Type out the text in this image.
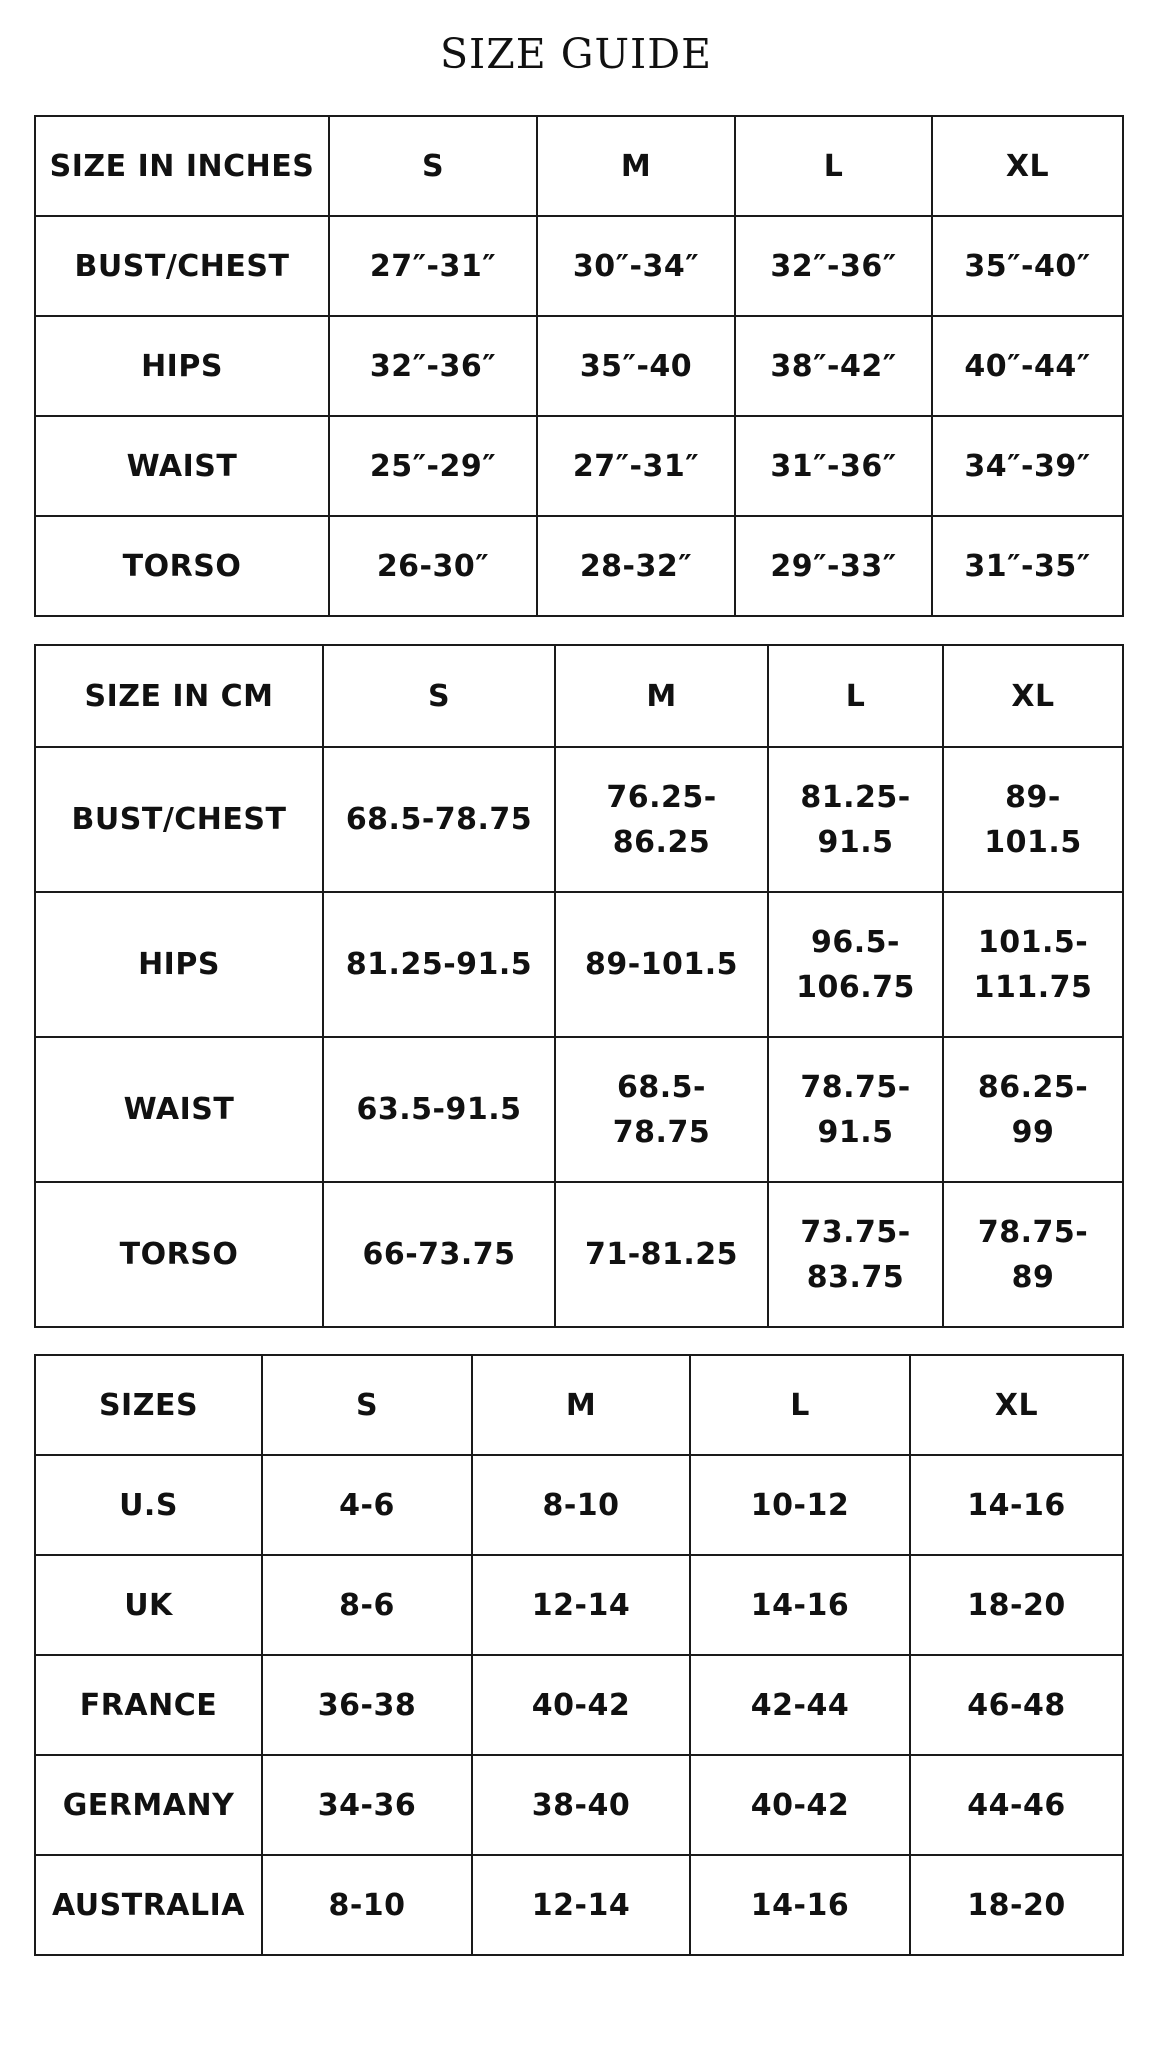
SIZE GUIDE
SIZE IN INCHES	S	M	L	XL
BUST/CHEST	27″-31″	30″-34″	32″-36″	35″-40″
HIPS	32″-36″	35″-40	38″-42″	40″-44″
WAIST	25″-29″	27″-31″	31″-36″	34″-39″
TORSO	26-30″	28-32″	29″-33″	31″-35″
SIZE IN CM	S	M	L	XL
BUST/CHEST	68.5-78.75	76.25-86.25	81.25-91.5	89-101.5
HIPS	81.25-91.5	89-101.5	96.5-106.75	101.5-111.75
WAIST	63.5-91.5	68.5-78.75	78.75-91.5	86.25-99
TORSO	66-73.75	71-81.25	73.75-83.75	78.75-89
SIZES	S	M	L	XL
U.S	4-6	8-10	10-12	14-16
UK	8-6	12-14	14-16	18-20
FRANCE	36-38	40-42	42-44	46-48
GERMANY	34-36	38-40	40-42	44-46
AUSTRALIA	8-10	12-14	14-16	18-20
